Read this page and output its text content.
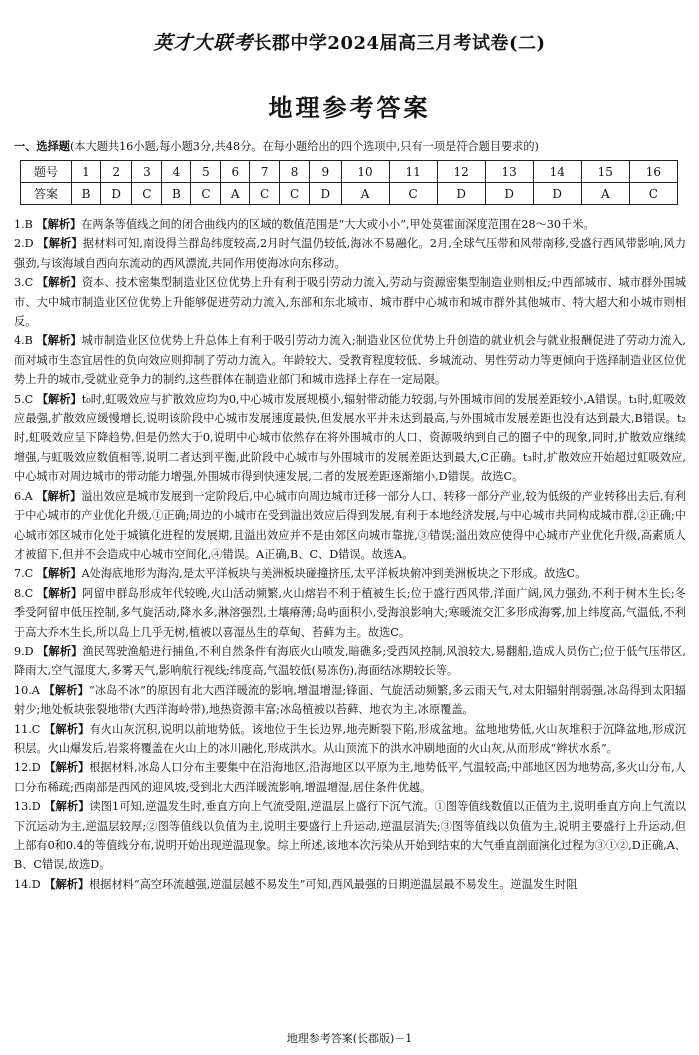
英才大联考长郡中学2024届高三月考试卷(二)
地理参考答案
一、选择题(本大题共16小题,每小题3分,共48分。在每小题给出的四个选项中,只有一项是符合题目要求的)
题号	1	2	3	4	5	6	7	8	9	10	11	12	13	14	15	16
答案	B	D	C	B	C	A	C	C	D	A	C	D	D	D	A	C

1.B 【解析】在两条等值线之间的闭合曲线内的区域的数值范围是“大大或小小”,甲处莫霍面深度范围在28～30千米。

2.D 【解析】据材料可知,南设得兰群岛纬度较高,2月时气温仍较低,海冰不易融化。2月,全球气压带和风带南移,受盛行西风带影响,风力强劲,与该海域自西向东流动的西风漂流,共同作用使海冰向东移动。

3.C 【解析】资本、技术密集型制造业区位优势上升有利于吸引劳动力流入,劳动与资源密集型制造业则相反;中西部城市、城市群外围城市、大中城市制造业区位优势上升能够促进劳动力流入,东部和东北城市、城市群中心城市和城市群外其他城市、特大超大和小城市则相反。

4.B 【解析】城市制造业区位优势上升总体上有利于吸引劳动力流入;制造业区位优势上升创造的就业机会与就业报酬促进了劳动力流入,而对城市生态宜居性的负向效应则抑制了劳动力流入。年龄较大、受教育程度较低、乡城流动、男性劳动力等更倾向于选择制造业区位优势上升的城市,受就业竞争力的制约,这些群体在制造业部门和城市选择上存在一定局限。

5.C 【解析】t₀时,虹吸效应与扩散效应均为0,中心城市发展规模小,辐射带动能力较弱,与外围城市间的发展差距较小,A错误。t₁时,虹吸效应最强,扩散效应缓慢增长,说明该阶段中心城市发展速度最快,但发展水平并未达到最高,与外围城市发展差距也没有达到最大,B错误。t₂时,虹吸效应呈下降趋势,但是仍然大于0,说明中心城市依然存在将外围城市的人口、资源吸纳到自己的圈子中的现象,同时,扩散效应继续增强,与虹吸效应数值相等,说明二者达到平衡,此阶段中心城市与外围城市的发展差距达到最大,C正确。t₃时,扩散效应开始超过虹吸效应,中心城市对周边城市的带动能力增强,外围城市得到快速发展,二者的发展差距逐渐缩小,D错误。故选C。

6.A 【解析】溢出效应是城市发展到一定阶段后,中心城市向周边城市迁移一部分人口、转移一部分产业,较为低级的产业转移出去后,有利于中心城市的产业优化升级,①正确;周边的小城市在受到溢出效应后得到发展,有利于本地经济发展,与中心城市共同构成城市群,②正确;中心城市郊区城市化处于城镇化进程的发展期,且溢出效应并不是由郊区向城市靠拢,③错误;溢出效应使得中心城市产业优化升级,高素质人才被留下,但并不会造成中心城市空间化,④错误。A正确,B、C、D错误。故选A。

7.C 【解析】A处海底地形为海沟,是太平洋板块与美洲板块碰撞挤压,太平洋板块俯冲到美洲板块之下形成。故选C。

8.C 【解析】阿留申群岛形成年代较晚,火山活动频繁,火山熔岩不利于植被生长;位于盛行西风带,洋面广阔,风力强劲,不利于树木生长;冬季受阿留申低压控制,多气旋活动,降水多,淋溶强烈,土壤瘠薄;岛屿面积小,受海浪影响大;寒暖流交汇多形成海雾,加上纬度高,气温低,不利于高大乔木生长,所以岛上几乎无树,植被以喜湿丛生的草甸、苔藓为主。故选C。

9.D 【解析】渔民驾驶渔船进行捕鱼,不利自然条件有海底火山喷发,暗礁多;受西风控制,风浪较大,易翻船,造成人员伤亡;位于低气压带区,降雨大,空气湿度大,多雾天气,影响航行视线;纬度高,气温较低(易冻伤),海面结冰期较长等。

10.A 【解析】“冰岛不冰”的原因有北大西洋暖流的影响,增温增湿;锋面、气旋活动频繁,多云雨天气,对太阳辐射削弱强,冰岛得到太阳辐射少;地处板块张裂地带(大西洋海岭带),地热资源丰富;冰岛植被以苔藓、地衣为主,冰原覆盖。

11.C 【解析】有火山灰沉积,说明以前地势低。该地位于生长边界,地壳断裂下陷,形成盆地。盆地地势低,火山灰堆积于沉降盆地,形成沉积层。火山爆发后,岩浆将覆盖在火山上的冰川融化,形成洪水。从山顶流下的洪水冲刷地面的火山灰,从而形成“辫状水系”。

12.D 【解析】根据材料,冰岛人口分布主要集中在沿海地区,沿海地区以平原为主,地势低平,气温较高;中部地区因为地势高,多火山分布,人口分布稀疏;西南部是西风的迎风坡,受到北大西洋暖流影响,增温增湿,居住条件优越。

13.D 【解析】读图1可知,逆温发生时,垂直方向上气流受阻,逆温层上盛行下沉气流。①图等值线数值以正值为主,说明垂直方向上气流以下沉运动为主,逆温层较厚;②图等值线以负值为主,说明主要盛行上升运动,逆温层消失;③图等值线以负值为主,说明主要盛行上升运动,但上部有0和0.4的等值线分布,说明开始出现逆温现象。综上所述,该地本次污染从开始到结束的大气垂直剖面演化过程为③①②,D正确,A、B、C错误,故选D。

14.D 【解析】根据材料“高空环流越强,逆温层越不易发生”可知,西风最强的日期逆温层最不易发生。逆温发生时阻

地理参考答案(长郡版)－1
